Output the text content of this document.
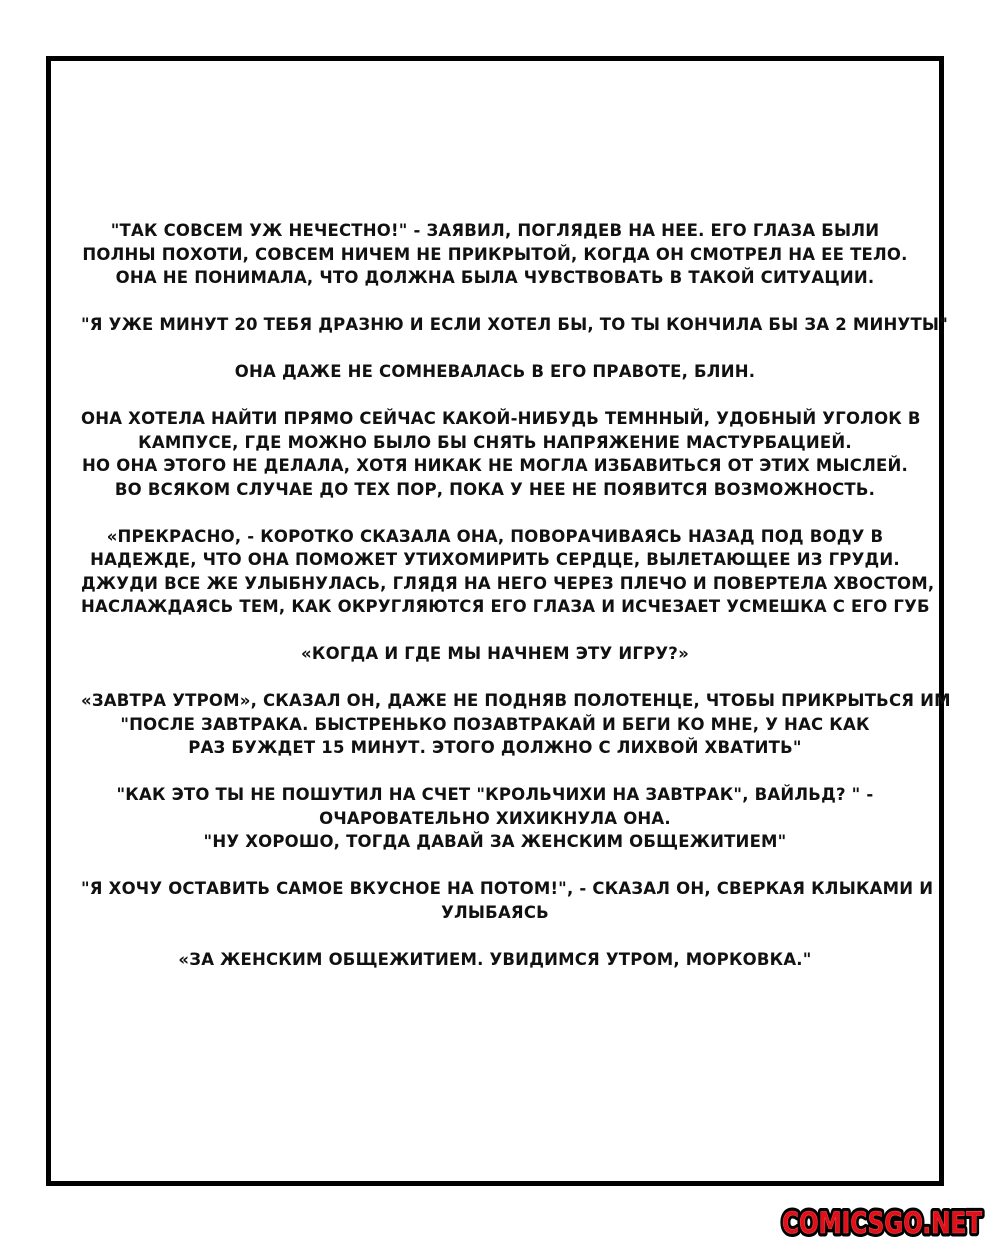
"ТАК СОВСЕМ УЖ НЕЧЕСТНО!" - ЗАЯВИЛ, ПОГЛЯДЕВ НА НЕЕ. ЕГО ГЛАЗА БЫЛИ
ПОЛНЫ ПОХОТИ, СОВСЕМ НИЧЕМ НЕ ПРИКРЫТОЙ, КОГДА ОН СМОТРЕЛ НА ЕЕ ТЕЛО.
ОНА НЕ ПОНИМАЛА, ЧТО ДОЛЖНА БЫЛА ЧУВСТВОВАТЬ В ТАКОЙ СИТУАЦИИ.

"Я УЖЕ МИНУТ 20 ТЕБЯ ДРАЗНЮ И ЕСЛИ ХОТЕЛ БЫ, ТО ТЫ КОНЧИЛА БЫ ЗА 2 МИНУТЫ"

ОНА ДАЖЕ НЕ СОМНЕВАЛАСЬ В ЕГО ПРАВОТЕ, БЛИН.

ОНА ХОТЕЛА НАЙТИ ПРЯМО СЕЙЧАС КАКОЙ-НИБУДЬ ТЕМННЫЙ, УДОБНЫЙ УГОЛОК В
КАМПУСЕ, ГДЕ МОЖНО БЫЛО БЫ СНЯТЬ НАПРЯЖЕНИЕ МАСТУРБАЦИЕЙ.
НО ОНА ЭТОГО НЕ ДЕЛАЛА, ХОТЯ НИКАК НЕ МОГЛА ИЗБАВИТЬСЯ ОТ ЭТИХ МЫСЛЕЙ.
ВО ВСЯКОМ СЛУЧАЕ ДО ТЕХ ПОР, ПОКА У НЕЕ НЕ ПОЯВИТСЯ ВОЗМОЖНОСТЬ.

«ПРЕКРАСНО, - КОРОТКО СКАЗАЛА ОНА, ПОВОРАЧИВАЯСЬ НАЗАД ПОД ВОДУ В
НАДЕЖДЕ, ЧТО ОНА ПОМОЖЕТ УТИХОМИРИТЬ СЕРДЦЕ, ВЫЛЕТАЮЩЕЕ ИЗ ГРУДИ.
ДЖУДИ ВСЕ ЖЕ УЛЫБНУЛАСЬ, ГЛЯДЯ НА НЕГО ЧЕРЕЗ ПЛЕЧО И ПОВЕРТЕЛА ХВОСТОМ,
НАСЛАЖДАЯСЬ ТЕМ, КАК ОКРУГЛЯЮТСЯ ЕГО ГЛАЗА И ИСЧЕЗАЕТ УСМЕШКА С ЕГО ГУБ

«КОГДА И ГДЕ МЫ НАЧНЕМ ЭТУ ИГРУ?»

«ЗАВТРА УТРОМ», СКАЗАЛ ОН, ДАЖЕ НЕ ПОДНЯВ ПОЛОТЕНЦЕ, ЧТОБЫ ПРИКРЫТЬСЯ ИМ
"ПОСЛЕ ЗАВТРАКА. БЫСТРЕНЬКО ПОЗАВТРАКАЙ И БЕГИ КО МНЕ, У НАС КАК
РАЗ БУЖДЕТ 15 МИНУТ. ЭТОГО ДОЛЖНО С ЛИХВОЙ ХВАТИТЬ"

"КАК ЭТО ТЫ НЕ ПОШУТИЛ НА СЧЕТ "КРОЛЬЧИХИ НА ЗАВТРАК", ВАЙЛЬД? " -
ОЧАРОВАТЕЛЬНО ХИХИКНУЛА ОНА.
"НУ ХОРОШО, ТОГДА ДАВАЙ ЗА ЖЕНСКИМ ОБЩЕЖИТИЕМ"

"Я ХОЧУ ОСТАВИТЬ САМОЕ ВКУСНОЕ НА ПОТОМ!", - СКАЗАЛ ОН, СВЕРКАЯ КЛЫКАМИ И
УЛЫБАЯСЬ

«ЗА ЖЕНСКИМ ОБЩЕЖИТИЕМ. УВИДИМСЯ УТРОМ, МОРКОВКА."

COMICSGO.NET
COMICSGO.NET
